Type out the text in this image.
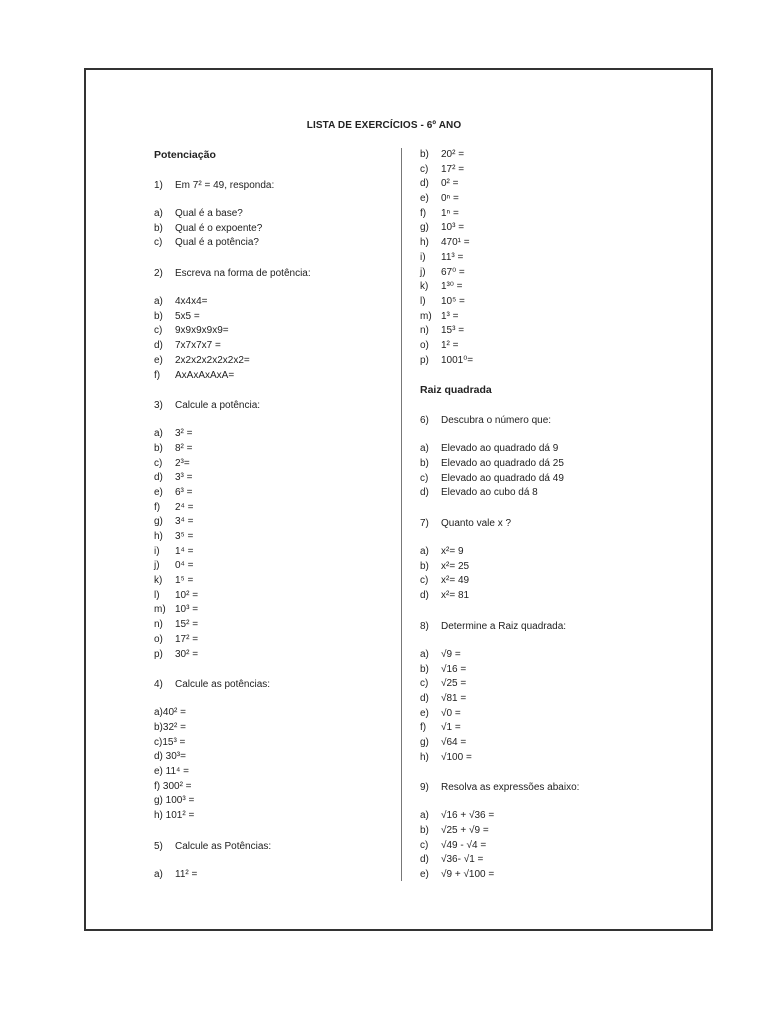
LISTA DE EXERCÍCIOS - 6º ANO
Potenciação
1)	Em 7² = 49, responda:
a)	Qual é a base?
b)	Qual é o expoente?
c)	Qual é a potência?
2)	Escreva na forma de potência:
a)	4x4x4=
b)	5x5 =
c)	9x9x9x9x9=
d)	7x7x7x7 =
e)	2x2x2x2x2x2x2=
f)	AxAxAxAxA=
3)	Calcule a potência:
a)	3² =
b)	8² =
c)	2³=
d)	3³ =
e)	6³ =
f)	2⁴ =
g)	3⁴ =
h)	3⁵ =
i)	1⁴ =
j)	0⁴ =
k)	1⁵ =
l)	10² =
m) 10³ =
n)	15² =
o)	17² =
p)	30² =
4)	Calcule as potências:
a)40² =
b)32² =
c)15³ =
d) 30³=
e) 11⁴ =
f) 300² =
g) 100³ =
h) 101² =
5)	Calcule as Potências:
a)	11² =
b)	20² =
c)	17² =
d)	0² =
e)	0ⁿ =
f)	1ⁿ =
g)	10³ =
h)	470¹ =
i)	11³ =
j)	67⁰ =
k)	1³⁰ =
l)	10⁵ =
m) 1³ =
n)	15³ =
o)	1² =
p)	1001⁰=
Raiz quadrada
6)	Descubra o número que:
a)	Elevado ao quadrado dá 9
b)	Elevado ao quadrado dá 25
c)	Elevado ao quadrado dá 49
d)	Elevado ao cubo dá 8
7)	Quanto vale x ?
a)	x²= 9
b)	x²= 25
c)	x²= 49
d)	x²= 81
8)	Determine a Raiz quadrada:
a)	√9 =
b)	√16 =
c)	√25 =
d)	√81 =
e)	√0 =
f)	√1 =
g)	√64 =
h)	√100 =
9)	Resolva as expressões abaixo:
a)	√16 + √36 =
b)	√25 + √9 =
c)	√49 - √4 =
d)	√36- √1 =
e)	√9 + √100 =
